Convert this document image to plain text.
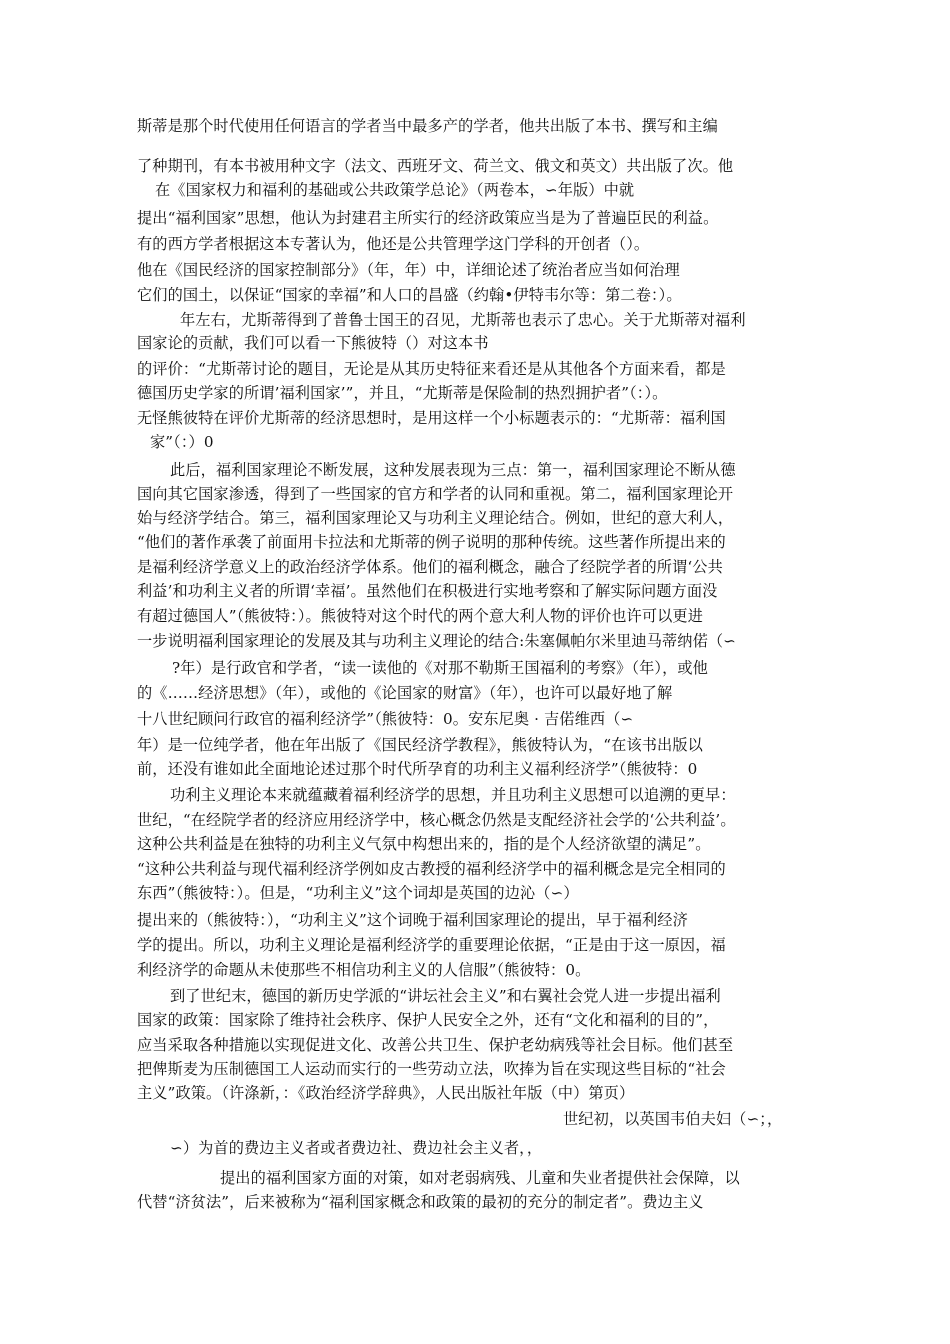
斯蒂是那个时代使用任何语言的学者当中最多产的学者，他共出版了本书、撰写和主编
了种期刊，有本书被用种文字（法文、西班牙文、荷兰文、俄文和英文）共出版了次。他
在《国家权力和福利的基础或公共政策学总论》（两卷本，∽年版）中就
提出“福利国家”思想，他认为封建君主所实行的经济政策应当是为了普遍臣民的利益。
有的西方学者根据这本专著认为，他还是公共管理学这门学科的开创者（）。
他在《国民经济的国家控制部分》（年，年）中，详细论述了统治者应当如何治理
它们的国土，以保证“国家的幸福”和人口的昌盛（约翰•伊特韦尔等：第二卷：）。
年左右，尤斯蒂得到了普鲁士国王的召见，尤斯蒂也表示了忠心。关于尤斯蒂对福利
国家论的贡献，我们可以看一下熊彼特（）对这本书
的评价：“尤斯蒂讨论的题目，无论是从其历史特征来看还是从其他各个方面来看，都是
德国历史学家的所谓’福利国家’”，并且，“尤斯蒂是保险制的热烈拥护者”（：）。
无怪熊彼特在评价尤斯蒂的经济思想时，是用这样一个小标题表示的：“尤斯蒂：福利国
家”（：）0
此后，福利国家理论不断发展，这种发展表现为三点：第一，福利国家理论不断从德
国向其它国家渗透，得到了一些国家的官方和学者的认同和重视。第二，福利国家理论开
始与经济学结合。第三，福利国家理论又与功利主义理论结合。例如，世纪的意大利人，
“他们的著作承袭了前面用卡拉法和尤斯蒂的例子说明的那种传统。这些著作所提出来的
是福利经济学意义上的政治经济学体系。他们的福利概念，融合了经院学者的所谓‘公共
利益’和功利主义者的所谓‘幸福’。虽然他们在积极进行实地考察和了解实际问题方面没
有超过德国人”（熊彼特：）。熊彼特对这个时代的两个意大利人物的评价也许可以更进
一步说明福利国家理论的发展及其与功利主义理论的结合:朱塞佩帕尔米里迪马蒂纳偌（∽
?年）是行政官和学者，“读一读他的《对那不勒斯王国福利的考察》（年），或他
的《……经济思想》（年），或他的《论国家的财富》（年），也许可以最好地了解
十八世纪顾问行政官的福利经济学”（熊彼特：0。安东尼奥 · 吉偌维西（∽
年）是一位纯学者，他在年出版了《国民经济学教程》，熊彼特认为，“在该书出版以
前，还没有谁如此全面地论述过那个时代所孕育的功利主义福利经济学”（熊彼特：0
功利主义理论本来就蕴藏着福利经济学的思想，并且功利主义思想可以追溯的更早：
世纪，“在经院学者的经济应用经济学中，核心概念仍然是支配经济社会学的‘公共利益’。
这种公共利益是在独特的功利主义气氛中构想出来的，指的是个人经济欲望的满足”。
“这种公共利益与现代福利经济学例如皮古教授的福利经济学中的福利概念是完全相同的
东西”（熊彼特：）。但是，“功利主义”这个词却是英国的边沁（∽）
提出来的（熊彼特：），“功利主义”这个词晚于福利国家理论的提出，早于福利经济
学的提出。所以，功利主义理论是福利经济学的重要理论依据，“正是由于这一原因，福
利经济学的命题从未使那些不相信功利主义的人信服”（熊彼特：0。
到了世纪末，德国的新历史学派的“讲坛社会主义”和右翼社会党人进一步提出福利
国家的政策：国家除了维持社会秩序、保护人民安全之外，还有“文化和福利的目的”，
应当采取各种措施以实现促进文化、改善公共卫生、保护老幼病残等社会目标。他们甚至
把俾斯麦为压制德国工人运动而实行的一些劳动立法，吹捧为旨在实现这些目标的“社会
主义”政策。（许涤新，：《政治经济学辞典》，人民出版社年版（中）第页）
世纪初，以英国韦伯夫妇（∽；，
∽）为首的费边主义者或者费边社、费边社会主义者，，
提出的福利国家方面的对策，如对老弱病残、儿童和失业者提供社会保障，以
代替“济贫法”，后来被称为“福利国家概念和政策的最初的充分的制定者”。费边主义
